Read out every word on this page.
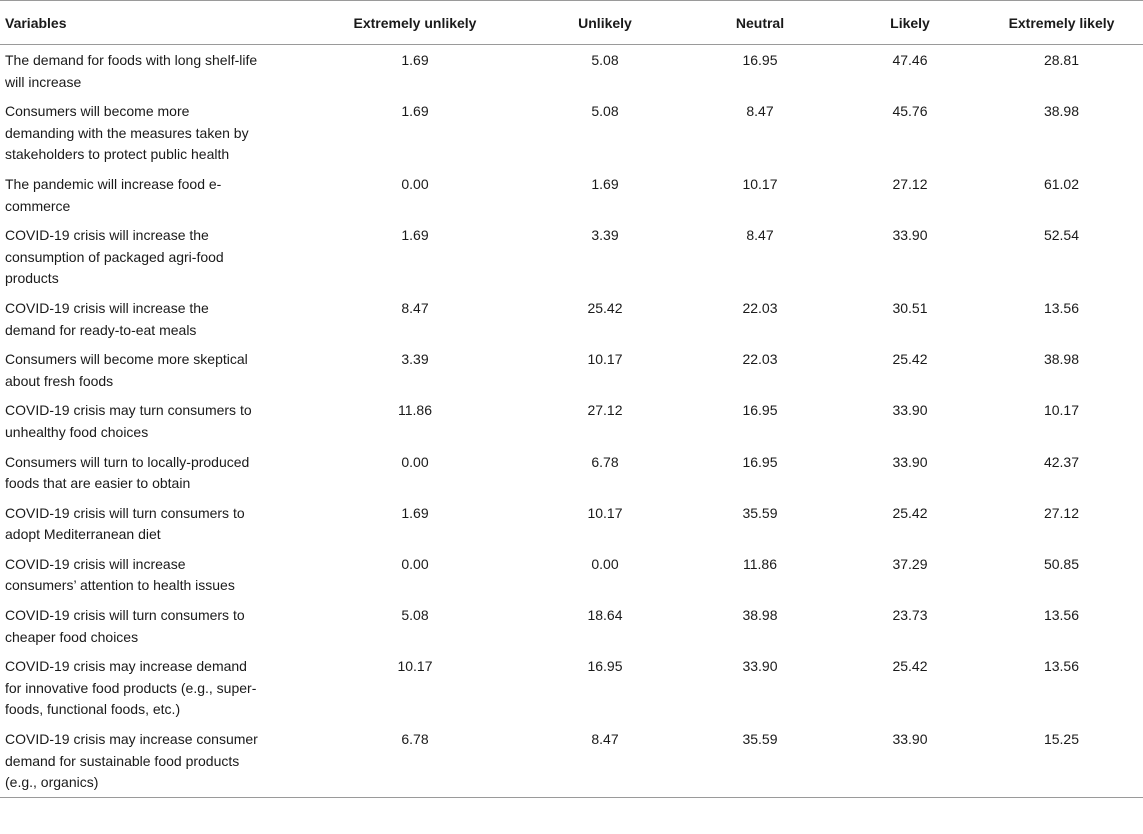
Variables	Extremely unlikely	Unlikely	Neutral	Likely	Extremely likely
The demand for foods with long shelf-life will increase	1.69	5.08	16.95	47.46	28.81
Consumers will become more demanding with the measures taken by stakeholders to protect public health	1.69	5.08	8.47	45.76	38.98
The pandemic will increase food e-commerce	0.00	1.69	10.17	27.12	61.02
COVID-19 crisis will increase the consumption of packaged agri-food products	1.69	3.39	8.47	33.90	52.54
COVID-19 crisis will increase the demand for ready-to-eat meals	8.47	25.42	22.03	30.51	13.56
Consumers will become more skeptical about fresh foods	3.39	10.17	22.03	25.42	38.98
COVID-19 crisis may turn consumers to unhealthy food choices	11.86	27.12	16.95	33.90	10.17
Consumers will turn to locally-produced foods that are easier to obtain	0.00	6.78	16.95	33.90	42.37
COVID-19 crisis will turn consumers to adopt Mediterranean diet	1.69	10.17	35.59	25.42	27.12
COVID-19 crisis will increase consumers’ attention to health issues	0.00	0.00	11.86	37.29	50.85
COVID-19 crisis will turn consumers to cheaper food choices	5.08	18.64	38.98	23.73	13.56
COVID-19 crisis may increase demand for innovative food products (e.g., super-foods, functional foods, etc.)	10.17	16.95	33.90	25.42	13.56
COVID-19 crisis may increase consumer demand for sustainable food products (e.g., organics)	6.78	8.47	35.59	33.90	15.25
